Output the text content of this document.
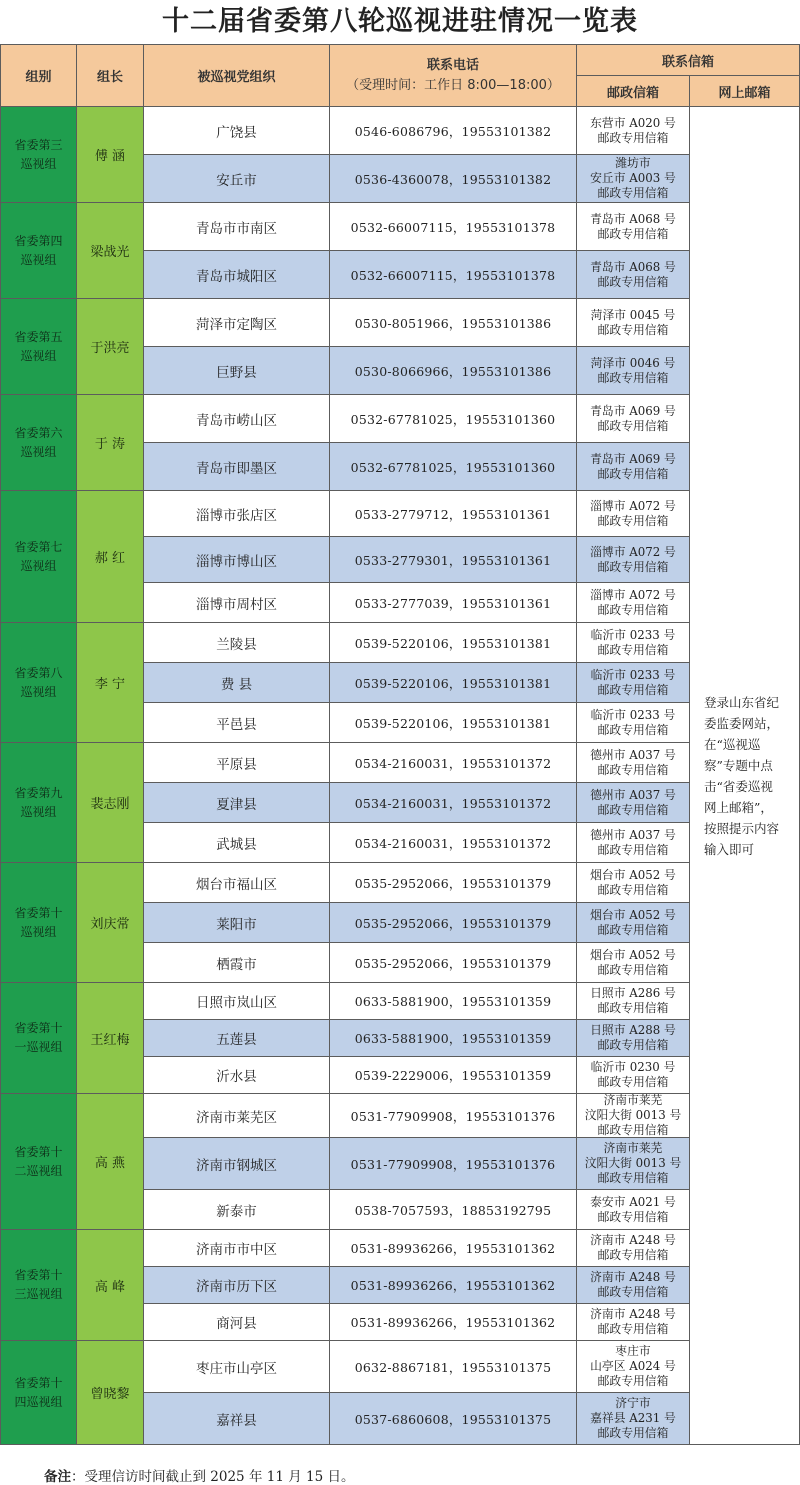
十二届省委第八轮巡视进驻情况一览表
组别	组长	被巡视党组织
联系电话
（受理时间：工作日 8:00—18:00）
联系信箱
邮政信箱	网上邮箱
省委第三巡视组	傅 涵
广饶县	0546-6086796，19553101382
东营市 A020 号
邮政专用信箱
安丘市	0536-4360078，19553101382
潍坊市
安丘市 A003 号
邮政专用信箱
省委第四巡视组	梁战光
青岛市市南区	0532-66007115，19553101378
青岛市 A068 号
邮政专用信箱
青岛市城阳区	0532-66007115，19553101378
青岛市 A068 号
邮政专用信箱
省委第五巡视组	于洪亮
菏泽市定陶区	0530-8051966，19553101386
菏泽市 0045 号
邮政专用信箱
巨野县	0530-8066966，19553101386
菏泽市 0046 号
邮政专用信箱
省委第六巡视组	于 涛
青岛市崂山区	0532-67781025，19553101360
青岛市 A069 号
邮政专用信箱
青岛市即墨区	0532-67781025，19553101360
青岛市 A069 号
邮政专用信箱
省委第七巡视组	郝 红
淄博市张店区	0533-2779712，19553101361
淄博市 A072 号
邮政专用信箱
淄博市博山区	0533-2779301，19553101361
淄博市 A072 号
邮政专用信箱
淄博市周村区	0533-2777039，19553101361
淄博市 A072 号
邮政专用信箱
省委第八巡视组	李 宁
兰陵县	0539-5220106，19553101381
临沂市 0233 号
邮政专用信箱
费 县	0539-5220106，19553101381
临沂市 0233 号
邮政专用信箱
平邑县	0539-5220106，19553101381
临沂市 0233 号
邮政专用信箱
省委第九巡视组	裴志刚
平原县	0534-2160031，19553101372
德州市 A037 号
邮政专用信箱
夏津县	0534-2160031，19553101372
德州市 A037 号
邮政专用信箱
武城县	0534-2160031，19553101372
德州市 A037 号
邮政专用信箱
省委第十巡视组	刘庆常
烟台市福山区	0535-2952066，19553101379
烟台市 A052 号
邮政专用信箱
莱阳市	0535-2952066，19553101379
烟台市 A052 号
邮政专用信箱
栖霞市	0535-2952066，19553101379
烟台市 A052 号
邮政专用信箱
省委第十一巡视组	王红梅
日照市岚山区	0633-5881900，19553101359
日照市 A286 号
邮政专用信箱
五莲县	0633-5881900，19553101359
日照市 A288 号
邮政专用信箱
沂水县	0539-2229006，19553101359
临沂市 0230 号
邮政专用信箱
省委第十二巡视组	高 燕
济南市莱芜区	0531-77909908，19553101376
济南市莱芜
汶阳大街 0013 号
邮政专用信箱
济南市钢城区	0531-77909908，19553101376
济南市莱芜
汶阳大街 0013 号
邮政专用信箱
新泰市	0538-7057593，18853192795
泰安市 A021 号
邮政专用信箱
省委第十三巡视组	高 峰
济南市市中区	0531-89936266，19553101362
济南市 A248 号
邮政专用信箱
济南市历下区	0531-89936266，19553101362
济南市 A248 号
邮政专用信箱
商河县	0531-89936266，19553101362
济南市 A248 号
邮政专用信箱
省委第十四巡视组	曾晓黎
枣庄市山亭区	0632-8867181，19553101375
枣庄市
山亭区 A024 号
邮政专用信箱
嘉祥县	0537-6860608，19553101375
济宁市
嘉祥县 A231 号
邮政专用信箱
登录山东省纪委监委网站，在“巡视巡察”专题中点击“省委巡视网上邮箱”，按照提示内容输入即可
备注：受理信访时间截止到 2025 年 11 月 15 日。
